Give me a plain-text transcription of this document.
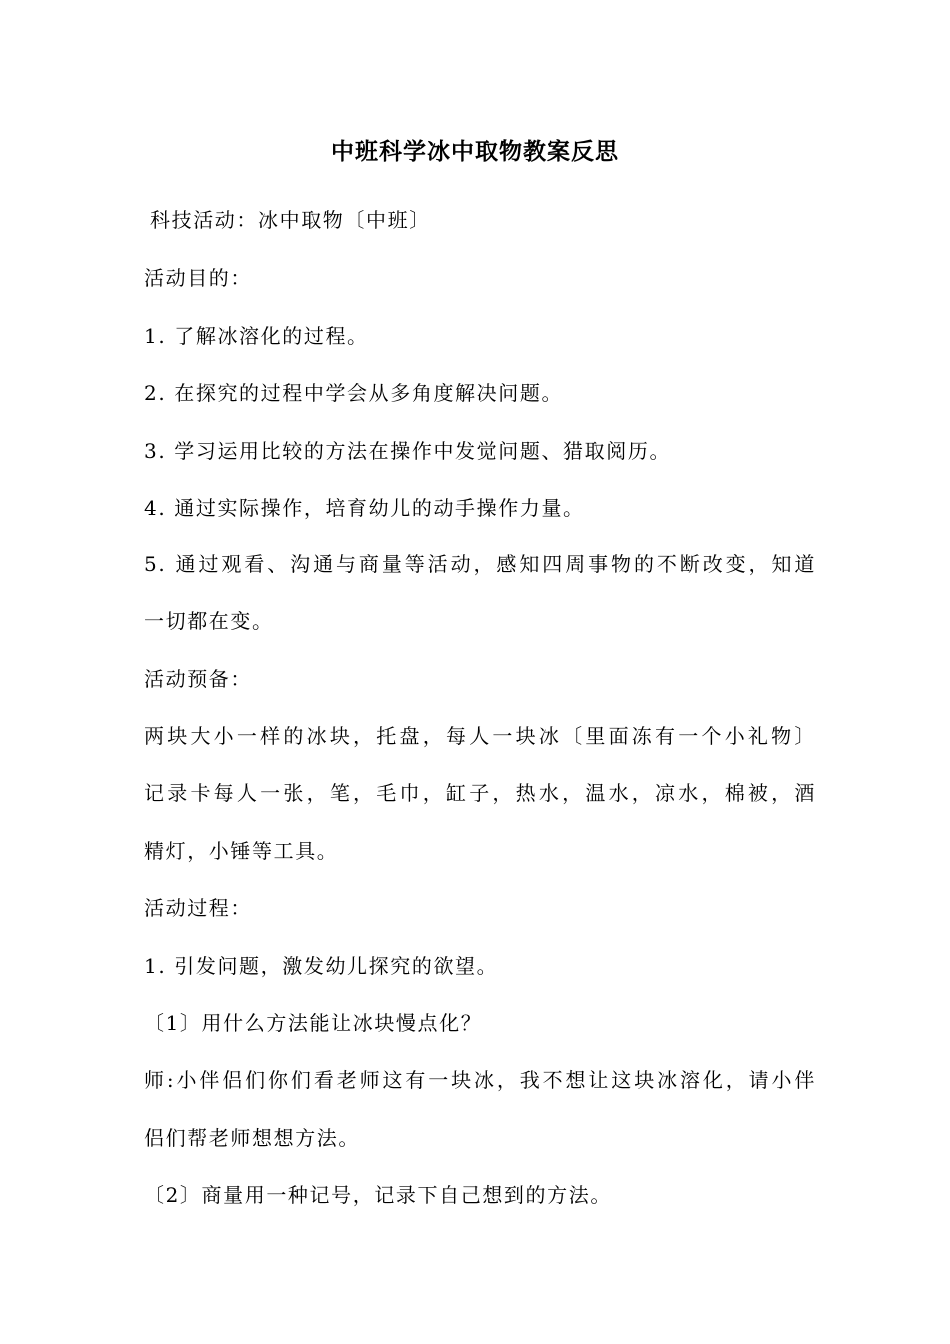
中班科学冰中取物教案反思
科技活动：冰中取物〔中班〕
活动目的：
1. 了解冰溶化的过程。
2. 在探究的过程中学会从多角度解决问题。
3. 学习运用比较的方法在操作中发觉问题、猎取阅历。
4. 通过实际操作，培育幼儿的动手操作力量。
5. 通过观看、沟通与商量等活动，感知四周事物的不断改变，知道
一切都在变。
活动预备：
两块大小一样的冰块，托盘，每人一块冰〔里面冻有一个小礼物〕
记录卡每人一张，笔，毛巾，缸子，热水，温水，凉水，棉被，酒
精灯，小锤等工具。
活动过程：
1. 引发问题，激发幼儿探究的欲望。
〔1〕用什么方法能让冰块慢点化？
师:小伴侣们你们看老师这有一块冰，我不想让这块冰溶化，请小伴
侣们帮老师想想方法。
〔2〕商量用一种记号，记录下自己想到的方法。
